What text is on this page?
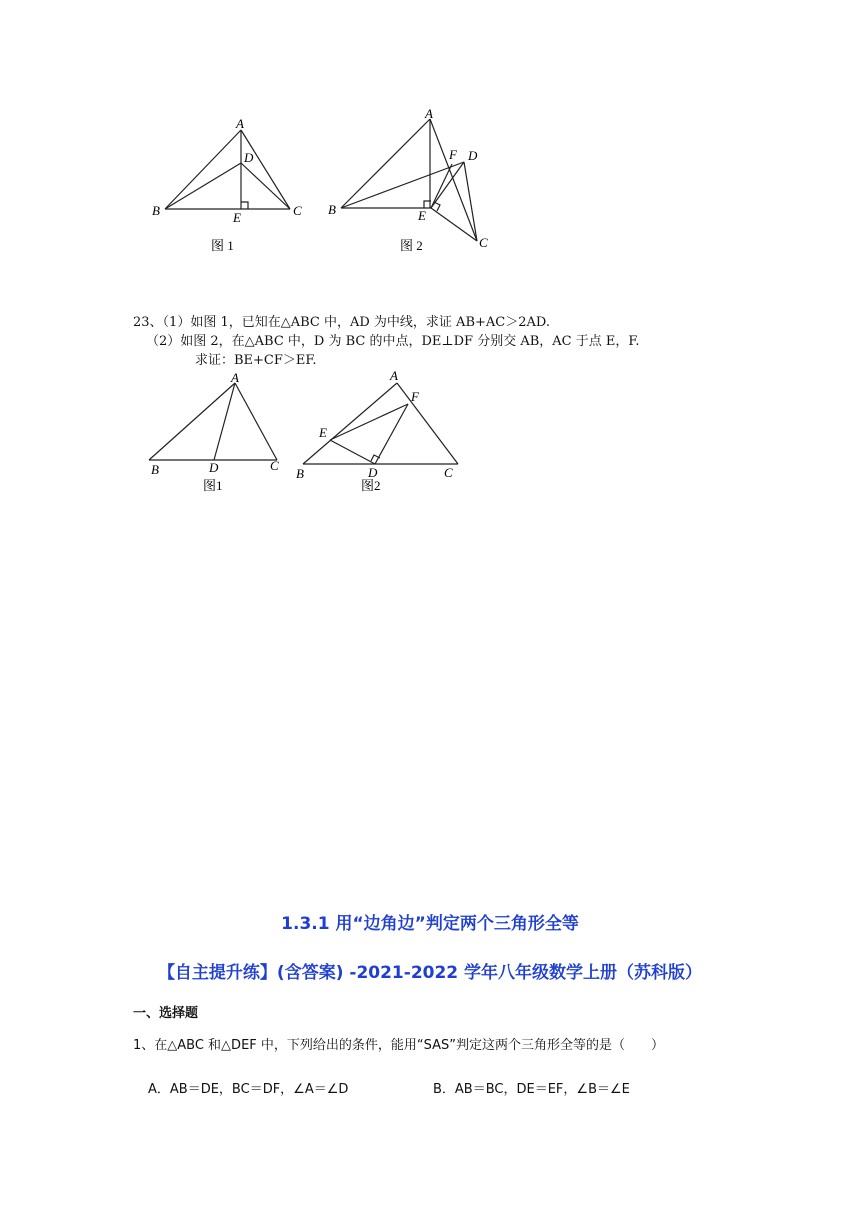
A
B	C
D
E
图 1
A
B
C
D
E
F
图 2
23、（1）如图 1，已知在△ABC 中，AD 为中线，求证 AB+AC＞2AD.
（2）如图 2，在△ABC 中，D 为 BC 的中点，DE⊥DF 分别交 AB，AC 于点 E，F.
求证：BE+CF＞EF.
A
B	C
D
图1
A
B	C
D
E
F
图2
1.3.1 用“边角边”判定两个三角形全等
【自主提升练】(含答案) -2021-2022 学年八年级数学上册（苏科版）
一、选择题
1、在△ABC 和△DEF 中，下列给出的条件，能用“SAS”判定这两个三角形全等的是（　　）
A．AB＝DE，BC＝DF，∠A＝∠D	B．AB＝BC，DE＝EF，∠B＝∠E
